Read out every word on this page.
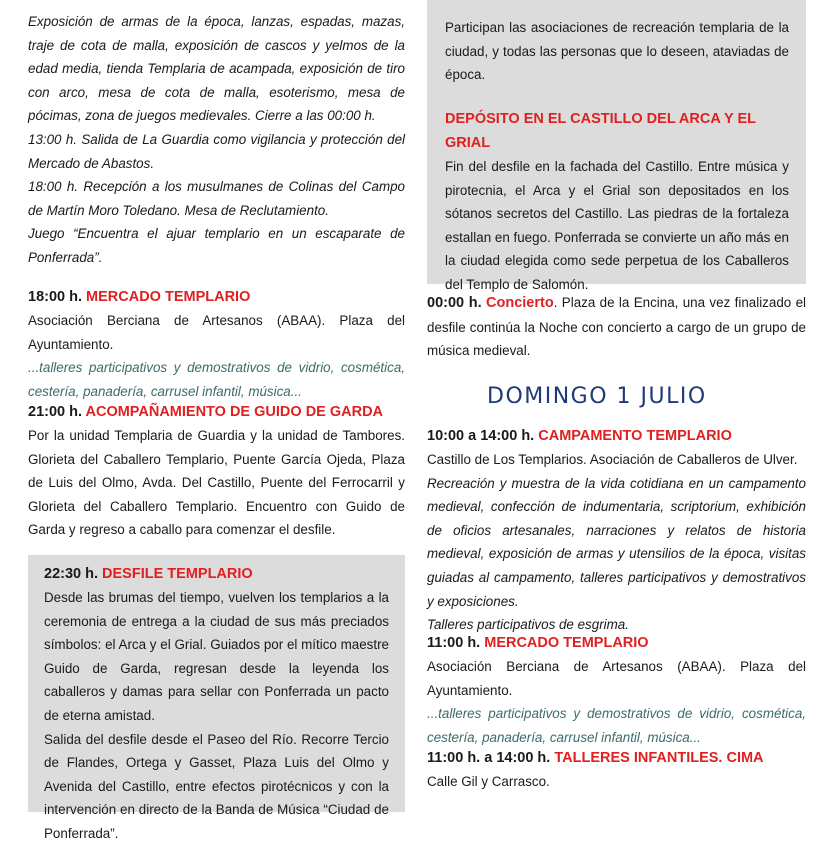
Exposición de armas de la época, lanzas, espadas, mazas, traje de cota de malla, exposición de cascos y yelmos de la edad media, tienda Templaria de acampada, exposición de tiro con arco, mesa de cota de malla, esoterismo, mesa de pócimas, zona de juegos medievales. Cierre a las 00:00 h.

13:00 h. Salida de La Guardia como vigilancia y protección del Mercado de Abastos.

18:00 h. Recepción a los musulmanes de Colinas del Campo de Martín Moro Toledano. Mesa de Reclutamiento.

Juego “Encuentra el ajuar templario en un escaparate de Ponferrada”.

18:00 h. MERCADO TEMPLARIO

Asociación Berciana de Artesanos (ABAA). Plaza del Ayuntamiento.

...talleres participativos y demostrativos de vidrio, cosmética, cestería, panadería, carrusel infantil, música...

21:00 h. ACOMPAÑAMIENTO DE GUIDO DE GARDA

Por la unidad Templaria de Guardia y la unidad de Tambores. Glorieta del Caballero Templario, Puente García Ojeda, Plaza de Luis del Olmo, Avda. Del Castillo, Puente del Ferrocarril y Glorieta del Caballero Templario. Encuentro con Guido de Garda y regreso a caballo para comenzar el desfile.

22:30 h. DESFILE TEMPLARIO

Desde las brumas del tiempo, vuelven los templarios a la ceremonia de entrega a la ciudad de sus más preciados símbolos: el Arca y el Grial. Guiados por el mítico maestre Guido de Garda, regresan desde la leyenda los caballeros y damas para sellar con Ponferrada un pacto de eterna amistad.

Salida del desfile desde el Paseo del Río. Recorre Tercio de Flandes, Ortega y Gasset, Plaza Luis del Olmo y Avenida del Castillo, entre efectos pirotécnicos y con la intervención en directo de la Banda de Música “Ciudad de Ponferrada”.

Participan las asociaciones de recreación templaria de la ciudad, y todas las personas que lo deseen, ataviadas de época.

DEPÓSITO EN EL CASTILLO DEL ARCA Y EL GRIAL

Fin del desfile en la fachada del Castillo. Entre música y pirotecnia, el Arca y el Grial son depositados en los sótanos secretos del Castillo. Las piedras de la fortaleza estallan en fuego. Ponferrada se convierte un año más en la ciudad elegida como sede perpetua de los Caballeros del Templo de Salomón.

00:00 h. Concierto. Plaza de la Encina, una vez finalizado el desfile continúa la Noche con concierto a cargo de un grupo de música medieval.

DOMINGO 1 JULIO

10:00 a 14:00 h. CAMPAMENTO TEMPLARIO

Castillo de Los Templarios. Asociación de Caballeros de Ulver.

Recreación y muestra de la vida cotidiana en un campamento medieval, confección de indumentaria, scriptorium, exhibición de oficios artesanales, narraciones y relatos de historia medieval, exposición de armas y utensilios de la época, visitas guiadas al campamento, talleres participativos y demostrativos y exposiciones.

Talleres participativos de esgrima.

11:00 h. MERCADO TEMPLARIO

Asociación Berciana de Artesanos (ABAA). Plaza del Ayuntamiento.

...talleres participativos y demostrativos de vidrio, cosmética, cestería, panadería, carrusel infantil, música...

11:00 h. a 14:00 h. TALLERES INFANTILES. CIMA

Calle Gil y Carrasco.
